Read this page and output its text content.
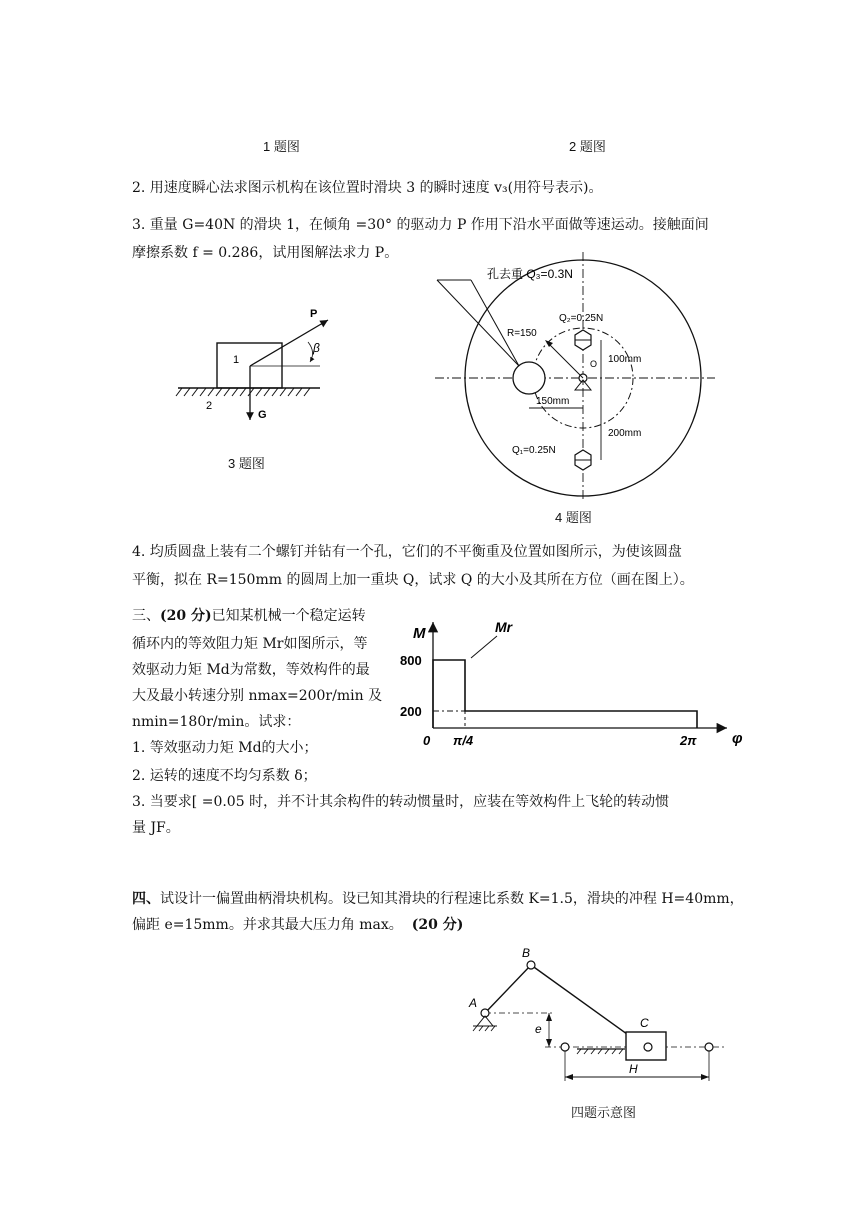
1 题图	2 题图
2. 用速度瞬心法求图示机构在该位置时滑块 3 的瞬时速度 v₃(用符号表示)。
3. 重量 G=40N 的滑块 1，在倾角 =30° 的驱动力 P 作用下沿水平面做等速运动。接触面间
摩擦系数 f = 0.286，试用图解法求力 P。
P
β
1
2
G
3 题图
孔去重 Q₃=0.3N
Q₂=0.25N
R=150
O 100mm
150mm
200mm
Q₁=0.25N
4 题图
4. 均质圆盘上装有二个螺钉并钻有一个孔，它们的不平衡重及位置如图所示，为使该圆盘
平衡，拟在 R=150mm 的圆周上加一重块 Q，试求 Q 的大小及其所在方位（画在图上）。
三、(20 分)已知某机械一个稳定运转
循环内的等效阻力矩 Mr如图所示，等
效驱动力矩 Md为常数，等效构件的最
大及最小转速分别 nmax=200r/min 及
nmin=180r/min。试求：
1. 等效驱动力矩 Md的大小；
2. 运转的速度不均匀系数 δ；
3. 当要求[ =0.05 时，并不计其余构件的转动惯量时，应装在等效构件上飞轮的转动惯
量 JF。
800
200
0 π/4	2π
M
φ
Mr
四、试设计一偏置曲柄滑块机构。设已知其滑块的行程速比系数 K=1.5，滑块的冲程 H=40mm，
偏距 e=15mm。并求其最大压力角 max。 (20 分)
B
A
C
e
H
四题示意图
